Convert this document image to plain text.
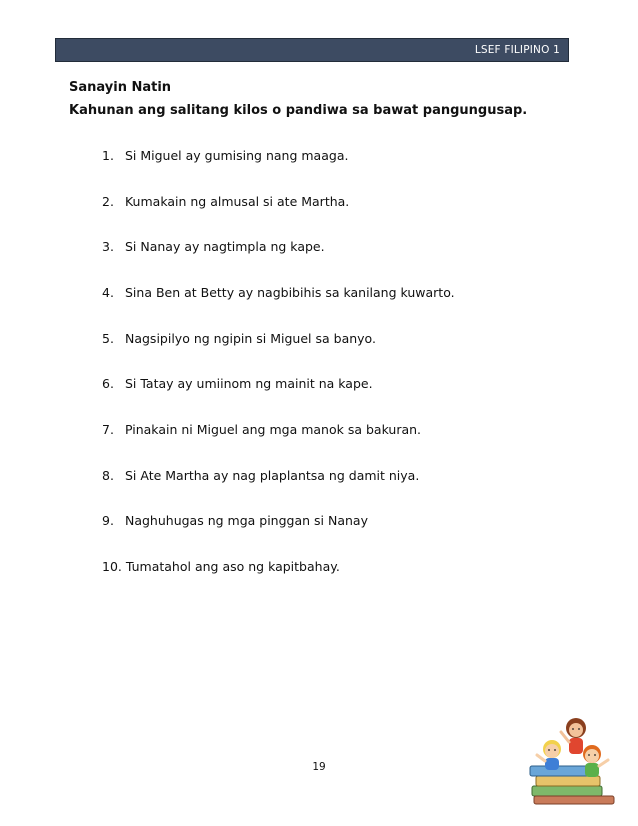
LSEF FILIPINO 1
Sanayin Natin

Kahunan ang salitang kilos o pandiwa sa bawat pangungusap.

1. Si Miguel ay gumising nang maaga.
2. Kumakain ng almusal si ate Martha.
3. Si Nanay ay nagtimpla ng kape.
4. Sina Ben at Betty ay nagbibihis sa kanilang kuwarto.
5. Nagsipilyo ng ngipin si Miguel sa banyo.
6. Si Tatay ay umiinom ng mainit na kape.
7. Pinakain ni Miguel ang mga manok sa bakuran.
8. Si Ate Martha ay nag plaplantsa ng damit niya.
9. Naghuhugas ng mga pinggan si Nanay
10. Tumatahol ang aso ng kapitbahay.
19
